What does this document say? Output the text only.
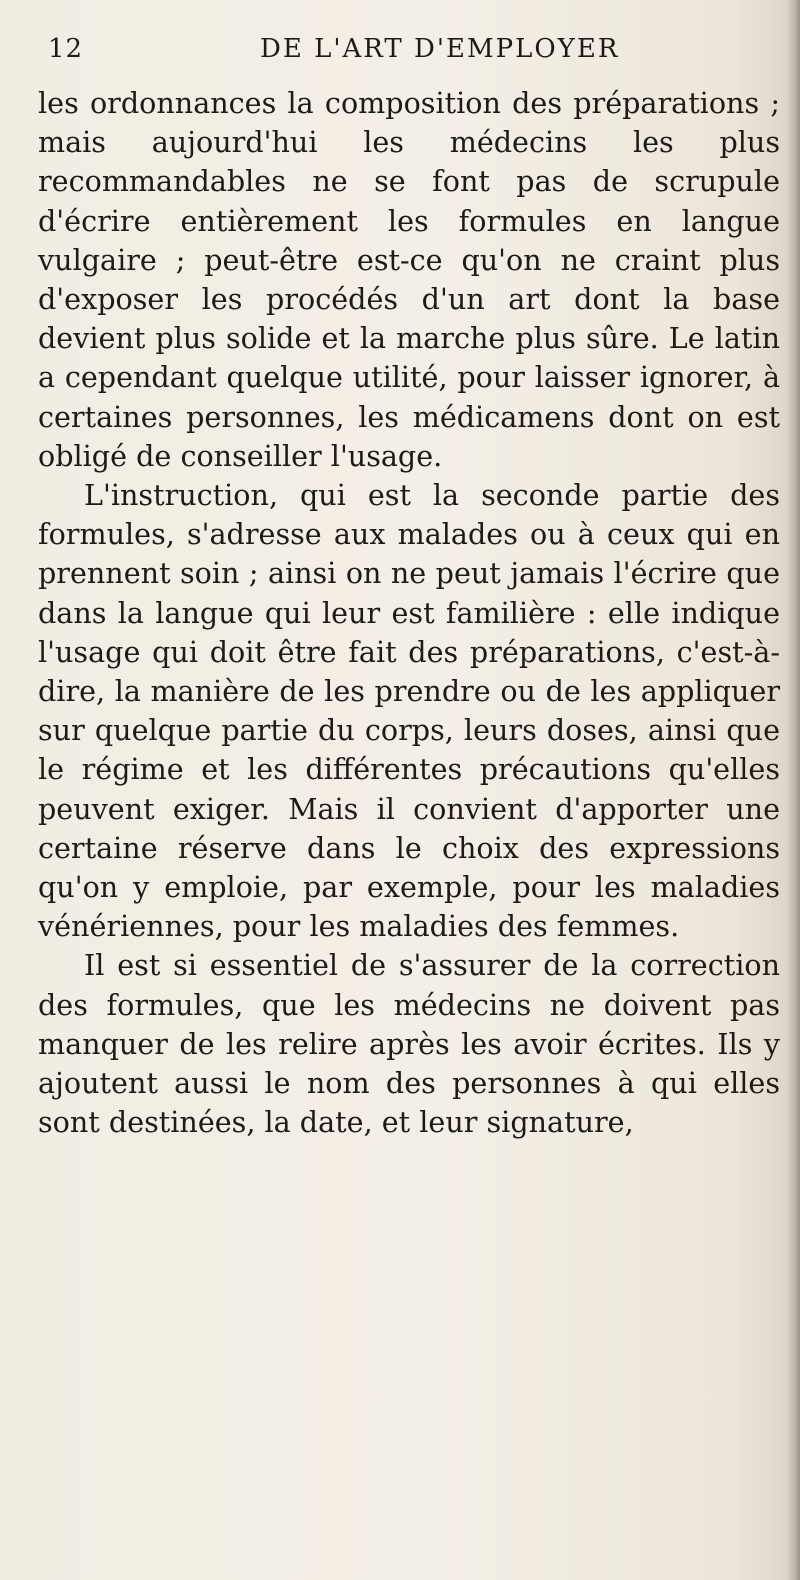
12	DE L'ART D'EMPLOYER

les ordonnances la composition des préparations ; mais aujourd'hui les médecins les plus recommandables ne se font pas de scrupule d'écrire entièrement les formules en langue vulgaire ; peut-être est-ce qu'on ne craint plus d'exposer les procédés d'un art dont la base devient plus solide et la marche plus sûre. Le latin a cependant quelque utilité, pour laisser ignorer, à certaines personnes, les médicamens dont on est obligé de conseiller l'usage.

L'instruction, qui est la seconde partie des formules, s'adresse aux malades ou à ceux qui en prennent soin ; ainsi on ne peut jamais l'écrire que dans la langue qui leur est familière : elle indique l'usage qui doit être fait des préparations, c'est-à-dire, la manière de les prendre ou de les appliquer sur quelque partie du corps, leurs doses, ainsi que le régime et les différentes précautions qu'elles peuvent exiger. Mais il convient d'apporter une certaine réserve dans le choix des expressions qu'on y emploie, par exemple, pour les maladies vénériennes, pour les maladies des femmes.

Il est si essentiel de s'assurer de la correction des formules, que les médecins ne doivent pas manquer de les relire après les avoir écrites. Ils y ajoutent aussi le nom des personnes à qui elles sont destinées, la date, et leur signature,
